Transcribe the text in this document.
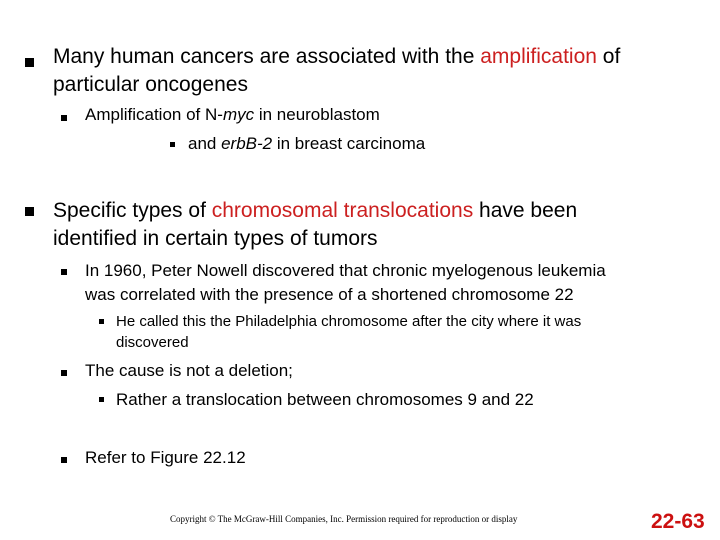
Many human cancers are associated with the amplification of
particular oncogenes
Amplification of N-myc in neuroblastom
and erbB-2 in breast carcinoma
Specific types of chromosomal translocations have been
identified in certain types of tumors
In 1960, Peter Nowell discovered that chronic myelogenous leukemia
was correlated with the presence of a shortened chromosome 22
He called this the Philadelphia chromosome after the city where it was
discovered
The cause is not a deletion;
Rather a translocation between chromosomes 9 and 22
Refer to Figure 22.12
Copyright © The McGraw-Hill Companies, Inc. Permission required for reproduction or display	22-63
